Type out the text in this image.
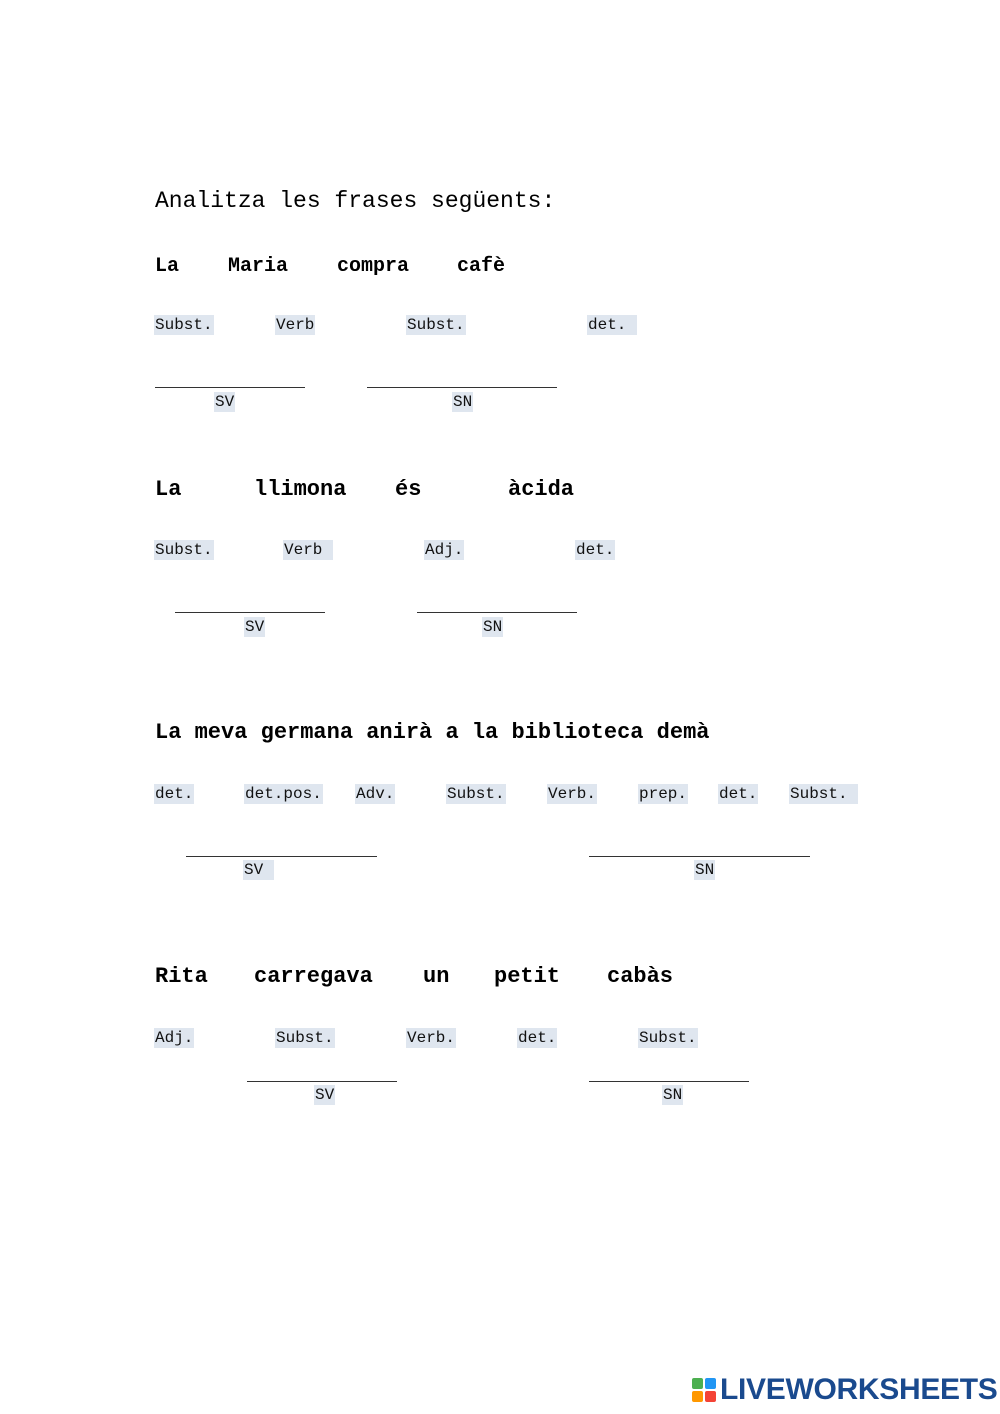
Analitza les frases següents:
La Maria compra cafè
Subst.	Verb	Subst.	det.
SV	SN
La	llimona és	àcida
Subst.	Verb	Adj.	det.
SV	SN
La meva germana anirà a la biblioteca demà
det.	det.pos. Adv.	Subst.	Verb.	prep. det. Subst.
SV	SN
Rita carregava un petit cabàs
Adj.	Subst.	Verb.	det.	Subst.
SV	SN
LIVEWORKSHEETS
